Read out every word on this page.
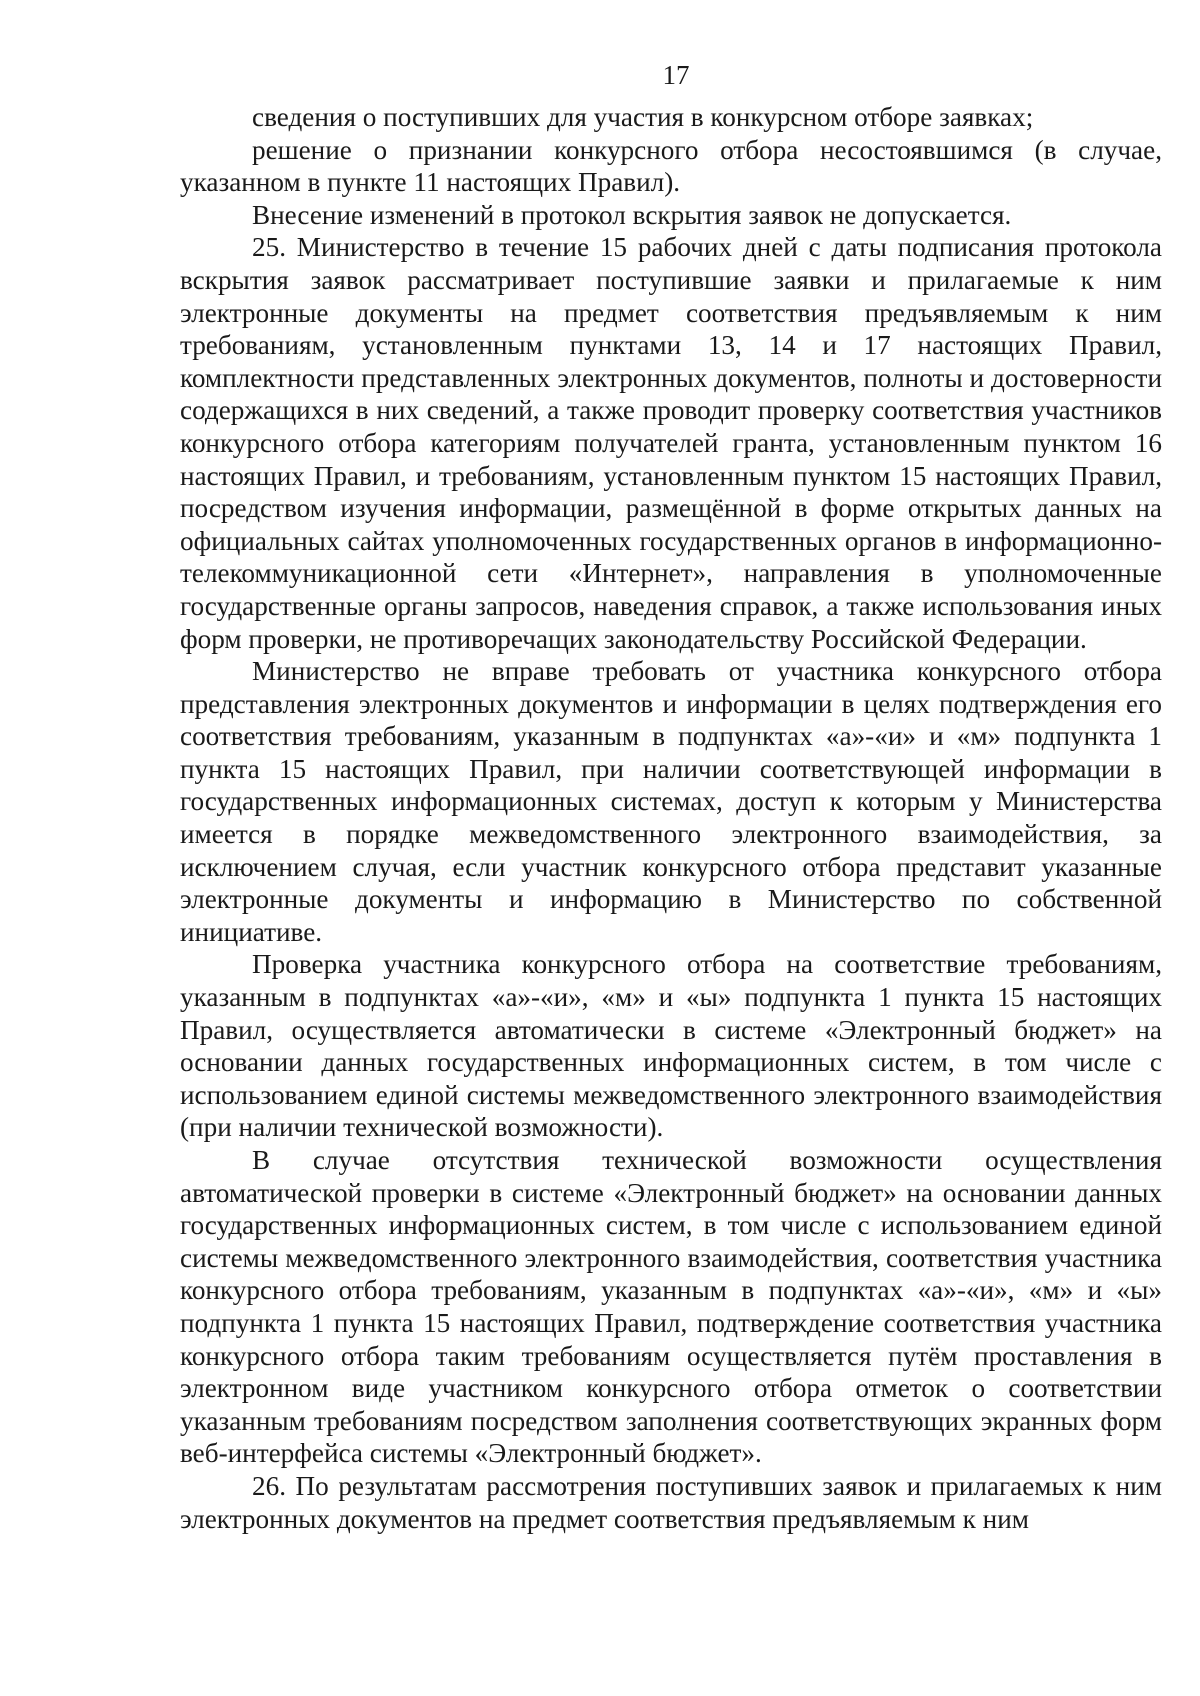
17

сведения о поступивших для участия в конкурсном отборе заявках;

решение о признании конкурсного отбора несостоявшимся (в случае, указанном в пункте 11 настоящих Правил).

Внесение изменений в протокол вскрытия заявок не допускается.

25. Министерство в течение 15 рабочих дней с даты подписания протокола вскрытия заявок рассматривает поступившие заявки и прилагаемые к ним электронные документы на предмет соответствия предъявляемым к ним требованиям, установленным пунктами 13, 14 и 17 настоящих Правил, комплектности представленных электронных документов, полноты и достоверности содержащихся в них сведений, а также проводит проверку соответствия участников конкурсного отбора категориям получателей гранта, установленным пунктом 16 настоящих Правил, и требованиям, установленным пунктом 15 настоящих Правил, посредством изучения информации, размещённой в форме открытых данных на официальных сайтах уполномоченных государственных органов в информационно-телекоммуникационной сети «Интернет», направления в уполномоченные государственные органы запросов, наведения справок, а также использования иных форм проверки, не противоречащих законодательству Российской Федерации.

Министерство не вправе требовать от участника конкурсного отбора представления электронных документов и информации в целях подтверждения его соответствия требованиям, указанным в подпунктах «а»-«и» и «м» подпункта 1 пункта 15 настоящих Правил, при наличии соответствующей информации в государственных информационных системах, доступ к которым у Министерства имеется в порядке межведомственного электронного взаимодействия, за исключением случая, если участник конкурсного отбора представит указанные электронные документы и информацию в Министерство по собственной инициативе.

Проверка участника конкурсного отбора на соответствие требованиям, указанным в подпунктах «а»-«и», «м» и «ы» подпункта 1 пункта 15 настоящих Правил, осуществляется автоматически в системе «Электронный бюджет» на основании данных государственных информационных систем, в том числе с использованием единой системы межведомственного электронного взаимодействия (при наличии технической возможности).

В случае отсутствия технической возможности осуществления автоматической проверки в системе «Электронный бюджет» на основании данных государственных информационных систем, в том числе с использованием единой системы межведомственного электронного взаимодействия, соответствия участника конкурсного отбора требованиям, указанным в подпунктах «а»-«и», «м» и «ы» подпункта 1 пункта 15 настоящих Правил, подтверждение соответствия участника конкурсного отбора таким требованиям осуществляется путём проставления в электронном виде участником конкурсного отбора отметок о соответствии указанным требованиям посредством заполнения соответствующих экранных форм веб-интерфейса системы «Электронный бюджет».

26. По результатам рассмотрения поступивших заявок и прилагаемых к ним электронных документов на предмет соответствия предъявляемым к ним
